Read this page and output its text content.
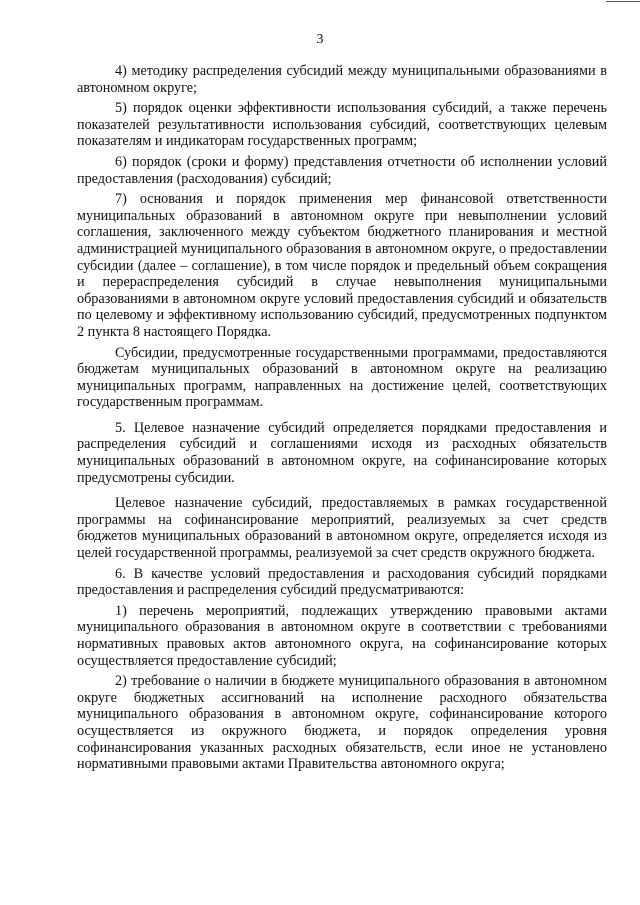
3

4) методику распределения субсидий между муниципальными образованиями в автономном округе;

5) порядок оценки эффективности использования субсидий, а также перечень показателей результативности использования субсидий, соответствующих целевым показателям и индикаторам государственных программ;

6) порядок (сроки и форму) представления отчетности об исполнении условий предоставления (расходования) субсидий;

7) основания и порядок применения мер финансовой ответственности муниципальных образований в автономном округе при невыполнении условий соглашения, заключенного между субъектом бюджетного планирования и местной администрацией муниципального образования в автономном округе, о предоставлении субсидии (далее – соглашение), в том числе порядок и предельный объем сокращения и перераспределения субсидий в случае невыполнения муниципальными образованиями в автономном округе условий предоставления субсидий и обязательств по целевому и эффективному использованию субсидий, предусмотренных подпунктом 2 пункта 8 настоящего Порядка.

Субсидии, предусмотренные государственными программами, предоставляются бюджетам муниципальных образований в автономном округе на реализацию муниципальных программ, направленных на достижение целей, соответствующих государственным программам.

5. Целевое назначение субсидий определяется порядками предоставления и распределения субсидий и соглашениями исходя из расходных обязательств муниципальных образований в автономном округе, на софинансирование которых предусмотрены субсидии.

Целевое назначение субсидий, предоставляемых в рамках государственной программы на софинансирование мероприятий, реализуемых за счет средств бюджетов муниципальных образований в автономном округе, определяется исходя из целей государственной программы, реализуемой за счет средств окружного бюджета.

6. В качестве условий предоставления и расходования субсидий порядками предоставления и распределения субсидий предусматриваются:

1) перечень мероприятий, подлежащих утверждению правовыми актами муниципального образования в автономном округе в соответствии с требованиями нормативных правовых актов автономного округа, на софинансирование которых осуществляется предоставление субсидий;

2) требование о наличии в бюджете муниципального образования в автономном округе бюджетных ассигнований на исполнение расходного обязательства муниципального образования в автономном округе, софинансирование которого осуществляется из окружного бюджета, и порядок определения уровня софинансирования указанных расходных обязательств, если иное не установлено нормативными правовыми актами Правительства автономного округа;
